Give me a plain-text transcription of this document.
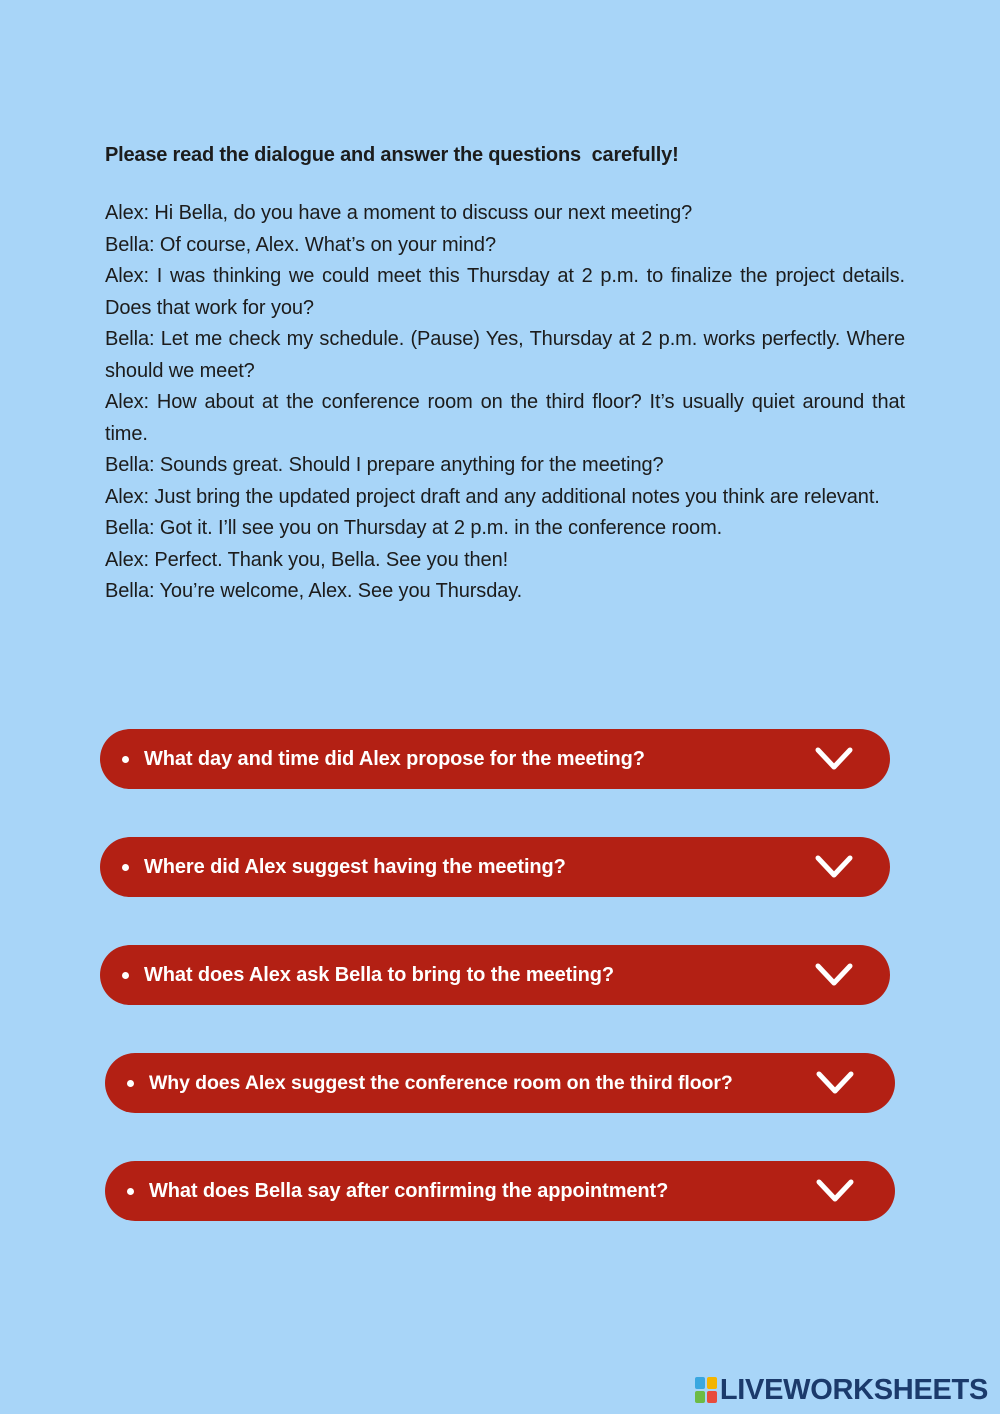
Please read the dialogue and answer the questions  carefully!

Alex: Hi Bella, do you have a moment to discuss our next meeting?
Bella: Of course, Alex. What’s on your mind?
Alex: I was thinking we could meet this Thursday at 2 p.m. to finalize the project details. Does that work for you?
Bella: Let me check my schedule. (Pause) Yes, Thursday at 2 p.m. works perfectly. Where should we meet?
Alex: How about at the conference room on the third floor? It’s usually quiet around that time.
Bella: Sounds great. Should I prepare anything for the meeting?
Alex: Just bring the updated project draft and any additional notes you think are relevant.
Bella: Got it. I’ll see you on Thursday at 2 p.m. in the conference room.
Alex: Perfect. Thank you, Bella. See you then!
Bella: You’re welcome, Alex. See you Thursday.
What day and time did Alex propose for the meeting?
Where did Alex suggest having the meeting?
What does Alex ask Bella to bring to the meeting?
Why does Alex suggest the conference room on the third floor?
What does Bella say after confirming the appointment?
LIVEWORKSHEETS
